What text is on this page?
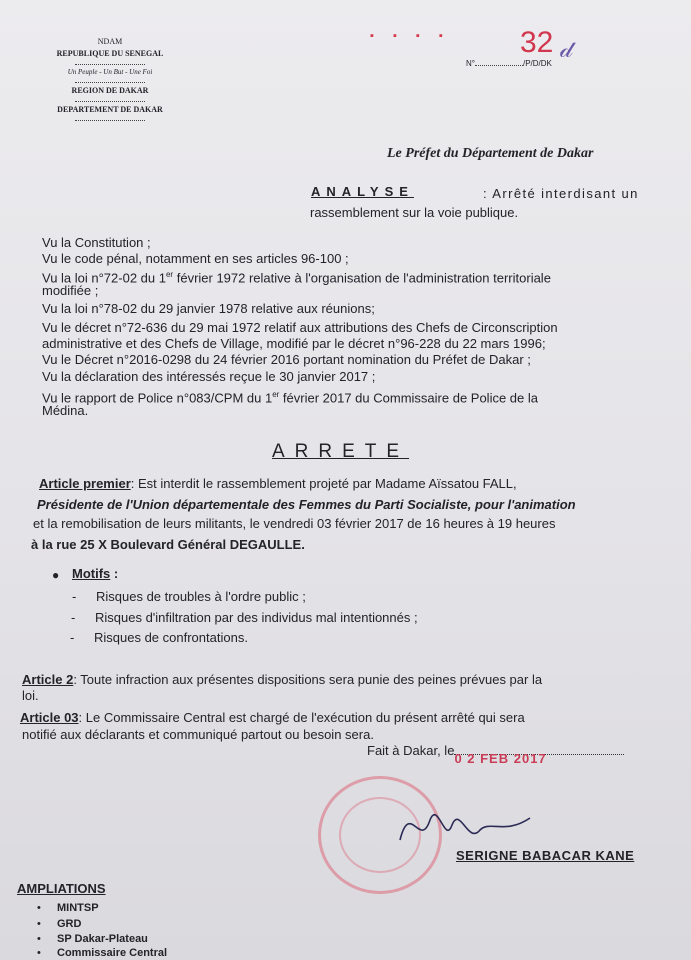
NDAM
REPUBLIQUE DU SENEGAL
Un Peuple - Un But - Une Foi
REGION DE DAKAR
DEPARTEMENT DE DAKAR
▪ ▪ ▪ ▪ 32 𝒹
N°	/P/D/DK
Le Préfet du Département de Dakar
ANALYSE	: Arrêté interdisant un
rassemblement sur la voie publique.
Vu la Constitution ;
Vu le code pénal, notamment en ses articles 96-100 ;
Vu la loi n°72-02 du 1er février 1972 relative à l'organisation de l'administration territoriale
modifiée ;
Vu la loi n°78-02 du 29 janvier 1978 relative aux réunions;
Vu le décret n°72-636 du 29 mai 1972 relatif aux attributions des Chefs de Circonscription
administrative et des Chefs de Village, modifié par le décret n°96-228 du 22 mars 1996;
Vu le Décret n°2016-0298 du 24 février 2016 portant nomination du Préfet de Dakar ;
Vu la déclaration des intéressés reçue le 30 janvier 2017 ;
Vu le rapport de Police n°083/CPM du 1er février 2017 du Commissaire de Police de la
Médina.
ARRETE
Article premier: Est interdit le rassemblement projeté par Madame Aïssatou FALL,
Présidente de l'Union départementale des Femmes du Parti Socialiste, pour l'animation
et la remobilisation de leurs militants, le vendredi 03 février 2017 de 16 heures à 19 heures
à la rue 25 X Boulevard Général DEGAULLE.
● Motifs :
- Risques de troubles à l'ordre public ;
- Risques d'infiltration par des individus mal intentionnés ;
- Risques de confrontations.
Article 2: Toute infraction aux présentes dispositions sera punie des peines prévues par la
loi.
Article 03: Le Commissaire Central est chargé de l'exécution du présent arrêté qui sera
notifié aux déclarants et communiqué partout ou besoin sera.
Fait à Dakar, le
0 2 FEB 2017
SERIGNE BABACAR KANE
AMPLIATIONS
• MINTSP
• GRD
• SP Dakar-Plateau
• Commissaire Central
